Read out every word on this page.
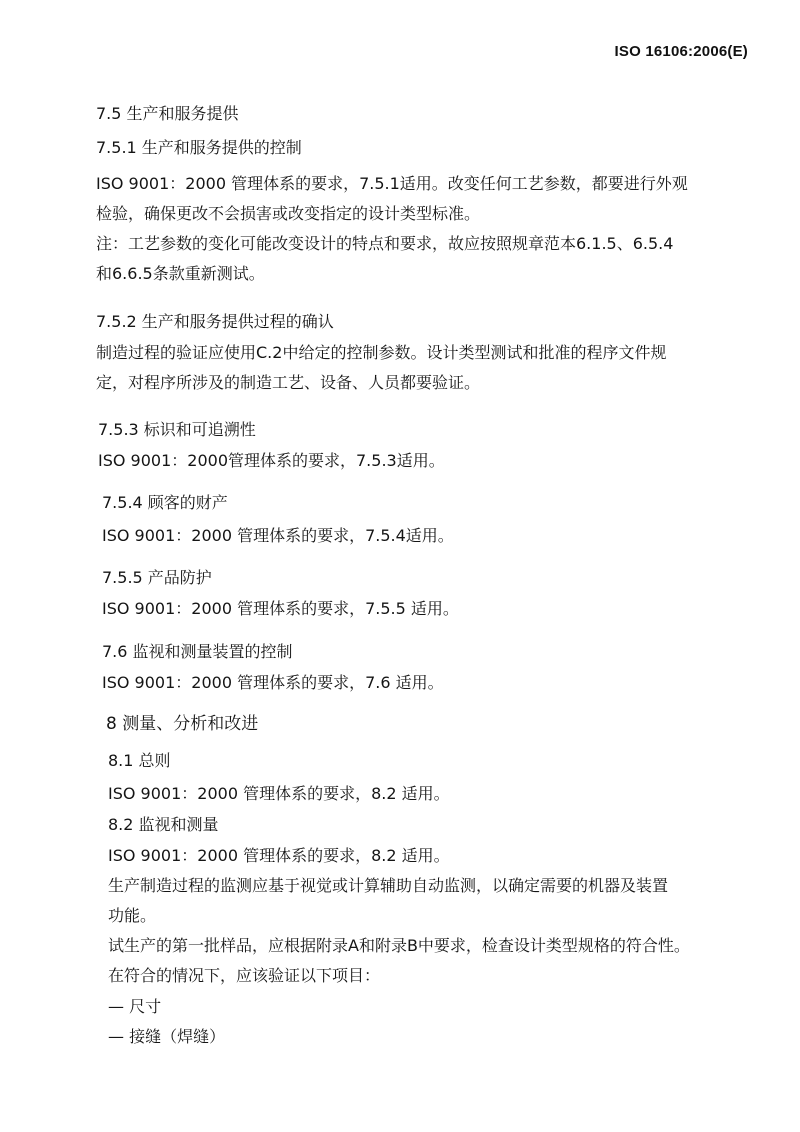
ISO 16106:2006(E)
7.5 生产和服务提供
7.5.1 生产和服务提供的控制
ISO 9001：2000 管理体系的要求，7.5.1适用。改变任何工艺参数，都要进行外观
检验，确保更改不会损害或改变指定的设计类型标准。
注：工艺参数的变化可能改变设计的特点和要求，故应按照规章范本6.1.5、6.5.4
和6.6.5条款重新测试。
7.5.2 生产和服务提供过程的确认
制造过程的验证应使用C.2中给定的控制参数。设计类型测试和批准的程序文件规
定，对程序所涉及的制造工艺、设备、人员都要验证。
7.5.3 标识和可追溯性
ISO 9001：2000管理体系的要求，7.5.3适用。
7.5.4 顾客的财产
ISO 9001：2000 管理体系的要求，7.5.4适用。
7.5.5 产品防护
ISO 9001：2000 管理体系的要求，7.5.5 适用。
7.6 监视和测量装置的控制
ISO 9001：2000 管理体系的要求，7.6 适用。
8 测量、分析和改进
8.1 总则
ISO 9001：2000 管理体系的要求，8.2 适用。
8.2 监视和测量
ISO 9001：2000 管理体系的要求，8.2 适用。
生产制造过程的监测应基于视觉或计算辅助自动监测，以确定需要的机器及装置
功能。
试生产的第一批样品，应根据附录A和附录B中要求，检查设计类型规格的符合性。
在符合的情况下，应该验证以下项目：
— 尺寸
— 接缝（焊缝）
